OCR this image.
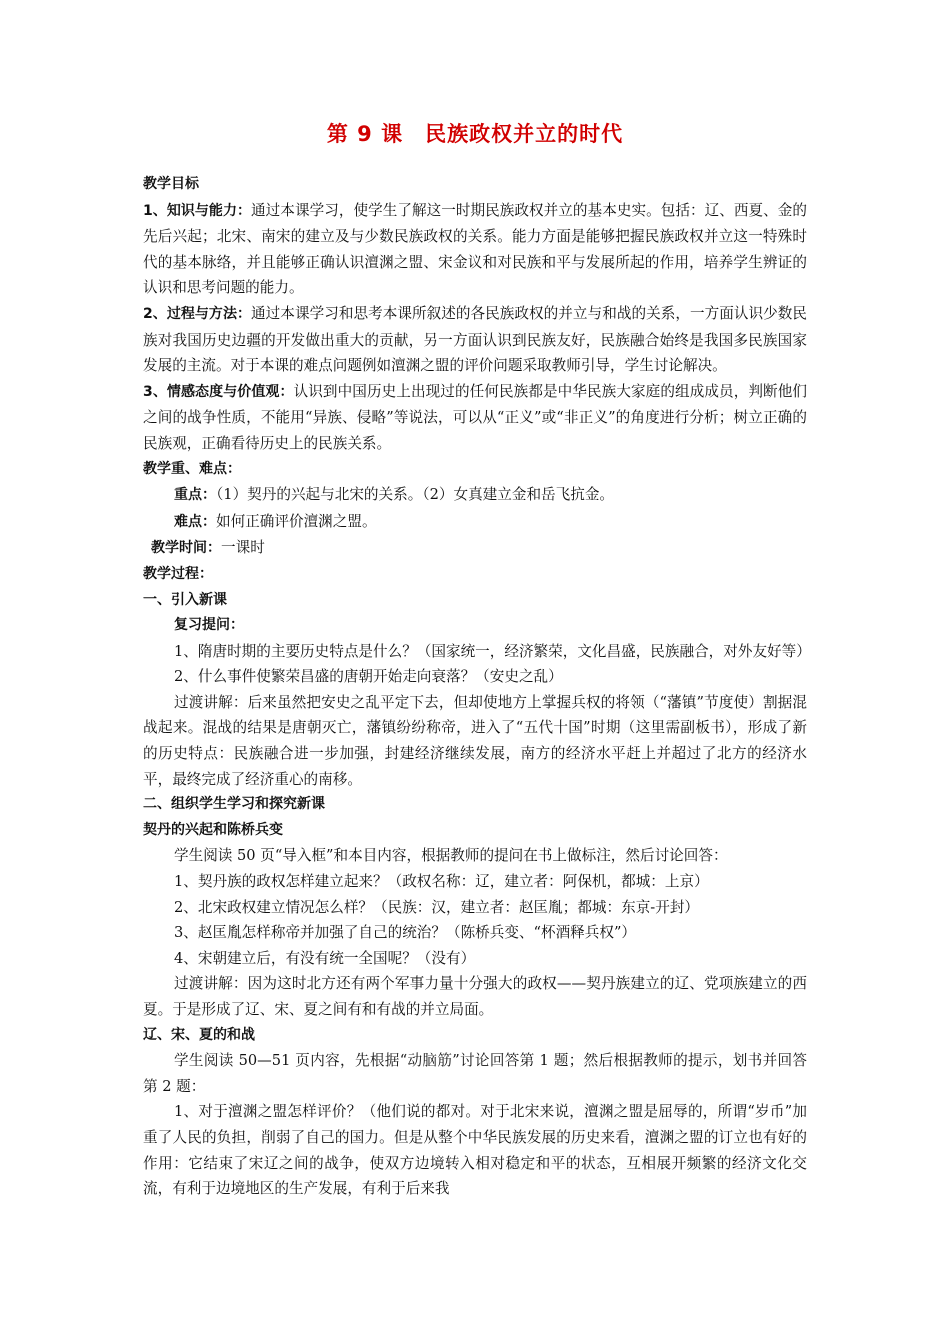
第 9 课　民族政权并立的时代

教学目标

1、知识与能力：通过本课学习，使学生了解这一时期民族政权并立的基本史实。包括：辽、西夏、金的先后兴起；北宋、南宋的建立及与少数民族政权的关系。能力方面是能够把握民族政权并立这一特殊时代的基本脉络，并且能够正确认识澶渊之盟、宋金议和对民族和平与发展所起的作用，培养学生辨证的认识和思考问题的能力。

2、过程与方法：通过本课学习和思考本课所叙述的各民族政权的并立与和战的关系，一方面认识少数民族对我国历史边疆的开发做出重大的贡献，另一方面认识到民族友好，民族融合始终是我国多民族国家发展的主流。对于本课的难点问题例如澶渊之盟的评价问题采取教师引导，学生讨论解决。

3、情感态度与价值观：认识到中国历史上出现过的任何民族都是中华民族大家庭的组成成员，判断他们之间的战争性质，不能用“异族、侵略”等说法，可以从“正义”或“非正义”的角度进行分析；树立正确的民族观，正确看待历史上的民族关系。

教学重、难点：

重点：（1）契丹的兴起与北宋的关系。（2）女真建立金和岳飞抗金。

难点：如何正确评价澶渊之盟。

教学时间：一课时

教学过程：

一、引入新课

复习提问：

1、隋唐时期的主要历史特点是什么？（国家统一，经济繁荣，文化昌盛，民族融合，对外友好等）

2、什么事件使繁荣昌盛的唐朝开始走向衰落？（安史之乱）

过渡讲解：后来虽然把安史之乱平定下去，但却使地方上掌握兵权的将领（“藩镇”节度使）割据混战起来。混战的结果是唐朝灭亡，藩镇纷纷称帝，进入了“五代十国”时期（这里需副板书），形成了新的历史特点：民族融合进一步加强，封建经济继续发展，南方的经济水平赶上并超过了北方的经济水平，最终完成了经济重心的南移。

二、组织学生学习和探究新课

契丹的兴起和陈桥兵变

学生阅读 50 页“导入框”和本目内容，根据教师的提问在书上做标注，然后讨论回答：

1、契丹族的政权怎样建立起来？（政权名称：辽，建立者：阿保机，都城：上京）

2、北宋政权建立情况怎么样？（民族：汉，建立者：赵匡胤；都城：东京-开封）

3、赵匡胤怎样称帝并加强了自己的统治？（陈桥兵变、“杯酒释兵权”）

4、宋朝建立后，有没有统一全国呢？（没有）

过渡讲解：因为这时北方还有两个军事力量十分强大的政权——契丹族建立的辽、党项族建立的西夏。于是形成了辽、宋、夏之间有和有战的并立局面。

辽、宋、夏的和战

学生阅读 50—51 页内容，先根据“动脑筋”讨论回答第 1 题；然后根据教师的提示，划书并回答第 2 题：

1、对于澶渊之盟怎样评价？（他们说的都对。对于北宋来说，澶渊之盟是屈辱的，所谓“岁币”加重了人民的负担，削弱了自己的国力。但是从整个中华民族发展的历史来看，澶渊之盟的订立也有好的作用：它结束了宋辽之间的战争，使双方边境转入相对稳定和平的状态，互相展开频繁的经济文化交流，有利于边境地区的生产发展，有利于后来我
